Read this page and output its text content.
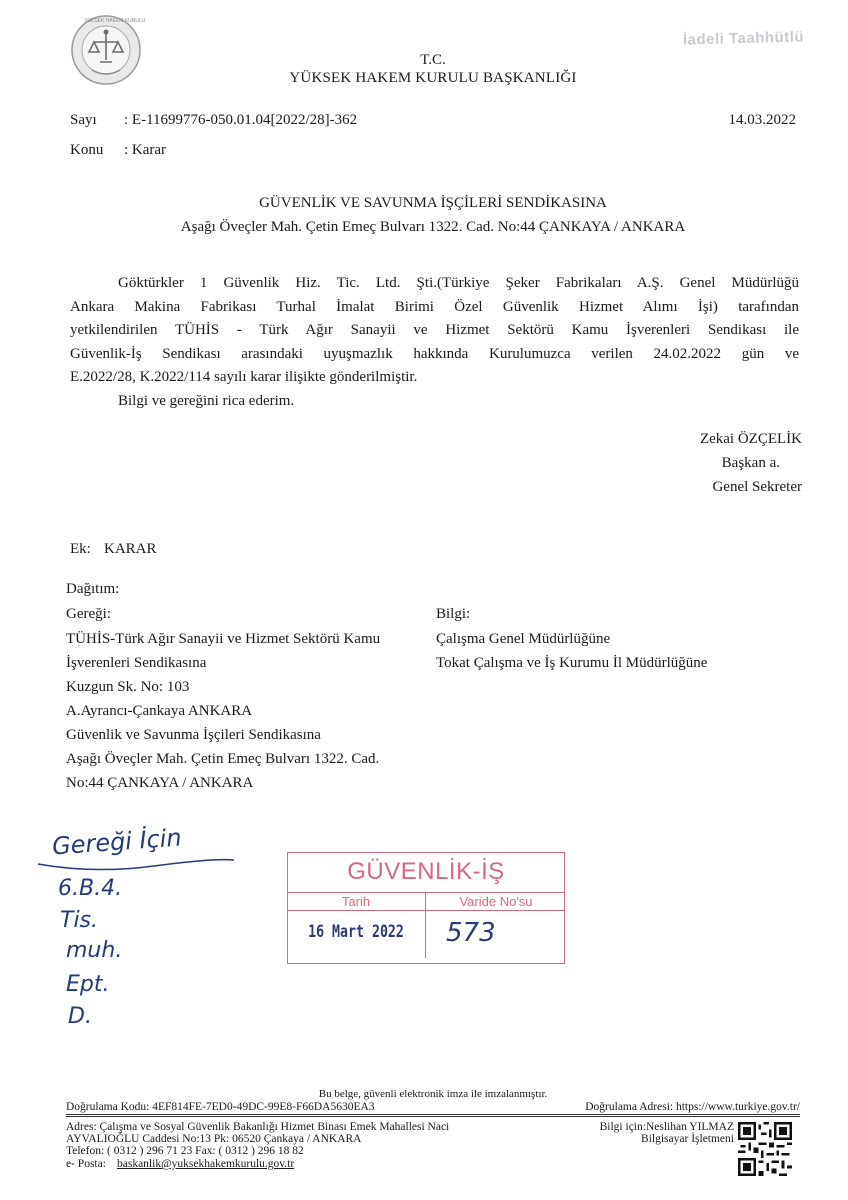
YÜKSEK HAKEM KURULU
T.C.
YÜKSEK HAKEM KURULU BAŞKANLIĞI
İadeli Taahhütlü
Sayı : E-11699776-050.01.04[2022/28]-362	14.03.2022
Konu : Karar
GÜVENLİK VE SAVUNMA İŞÇİLERİ SENDİKASINA
Aşağı Öveçler Mah. Çetin Emeç Bulvarı 1322. Cad. No:44 ÇANKAYA / ANKARA
Göktürkler 1 Güvenlik Hiz. Tic. Ltd. Şti.(Türkiye Şeker Fabrikaları A.Ş. Genel Müdürlüğü
Ankara Makina Fabrikası Turhal İmalat Birimi Özel Güvenlik Hizmet Alımı İşi) tarafından
yetkilendirilen TÜHİS - Türk Ağır Sanayii ve Hizmet Sektörü Kamu İşverenleri Sendikası ile
Güvenlik-İş Sendikası arasındaki uyuşmazlık hakkında Kurulumuzca verilen 24.02.2022 gün ve
E.2022/28, K.2022/114 sayılı karar ilişikte gönderilmiştir.
Bilgi ve gereğini rica ederim.
Zekai ÖZÇELİK
Başkan a.
Genel Sekreter
Ek: KARAR
Dağıtım:
Gereği:	Bilgi:
TÜHİS-Türk Ağır Sanayii ve Hizmet Sektörü Kamu
İşverenleri Sendikasına
Kuzgun Sk. No: 103
A.Ayrancı-Çankaya ANKARA
Güvenlik ve Savunma İşçileri Sendikasına
Aşağı Öveçler Mah. Çetin Emeç Bulvarı 1322. Cad.
No:44 ÇANKAYA / ANKARA
Çalışma Genel Müdürlüğüne
Tokat Çalışma ve İş Kurumu İl Müdürlüğüne
Gereği İçin
6.B.4.
Tis.
muh.
Ept.
D.
GÜVENLİK-İŞ
Tarih	Varide No'su
16 Mart 2022 573
Bu belge, güvenli elektronik imza ile imzalanmıştır.
Doğrulama Kodu: 4EF814FE-7ED0-49DC-99E8-F66DA5630EA3	Doğrulama Adresi: https://www.turkiye.gov.tr/
Adres: Çalışma ve Sosyal Güvenlik Bakanlığı Hizmet Binası Emek Mahallesi Naci
AYVALIOĞLU Caddesi No:13 Pk: 06520 Çankaya / ANKARA
Telefon: ( 0312 ) 296 71 23 Fax: ( 0312 ) 296 18 82
e- Posta: baskanlik@yuksekhakemkurulu.gov.tr
Bilgi için:Neslihan YILMAZ
Bilgisayar İşletmeni
